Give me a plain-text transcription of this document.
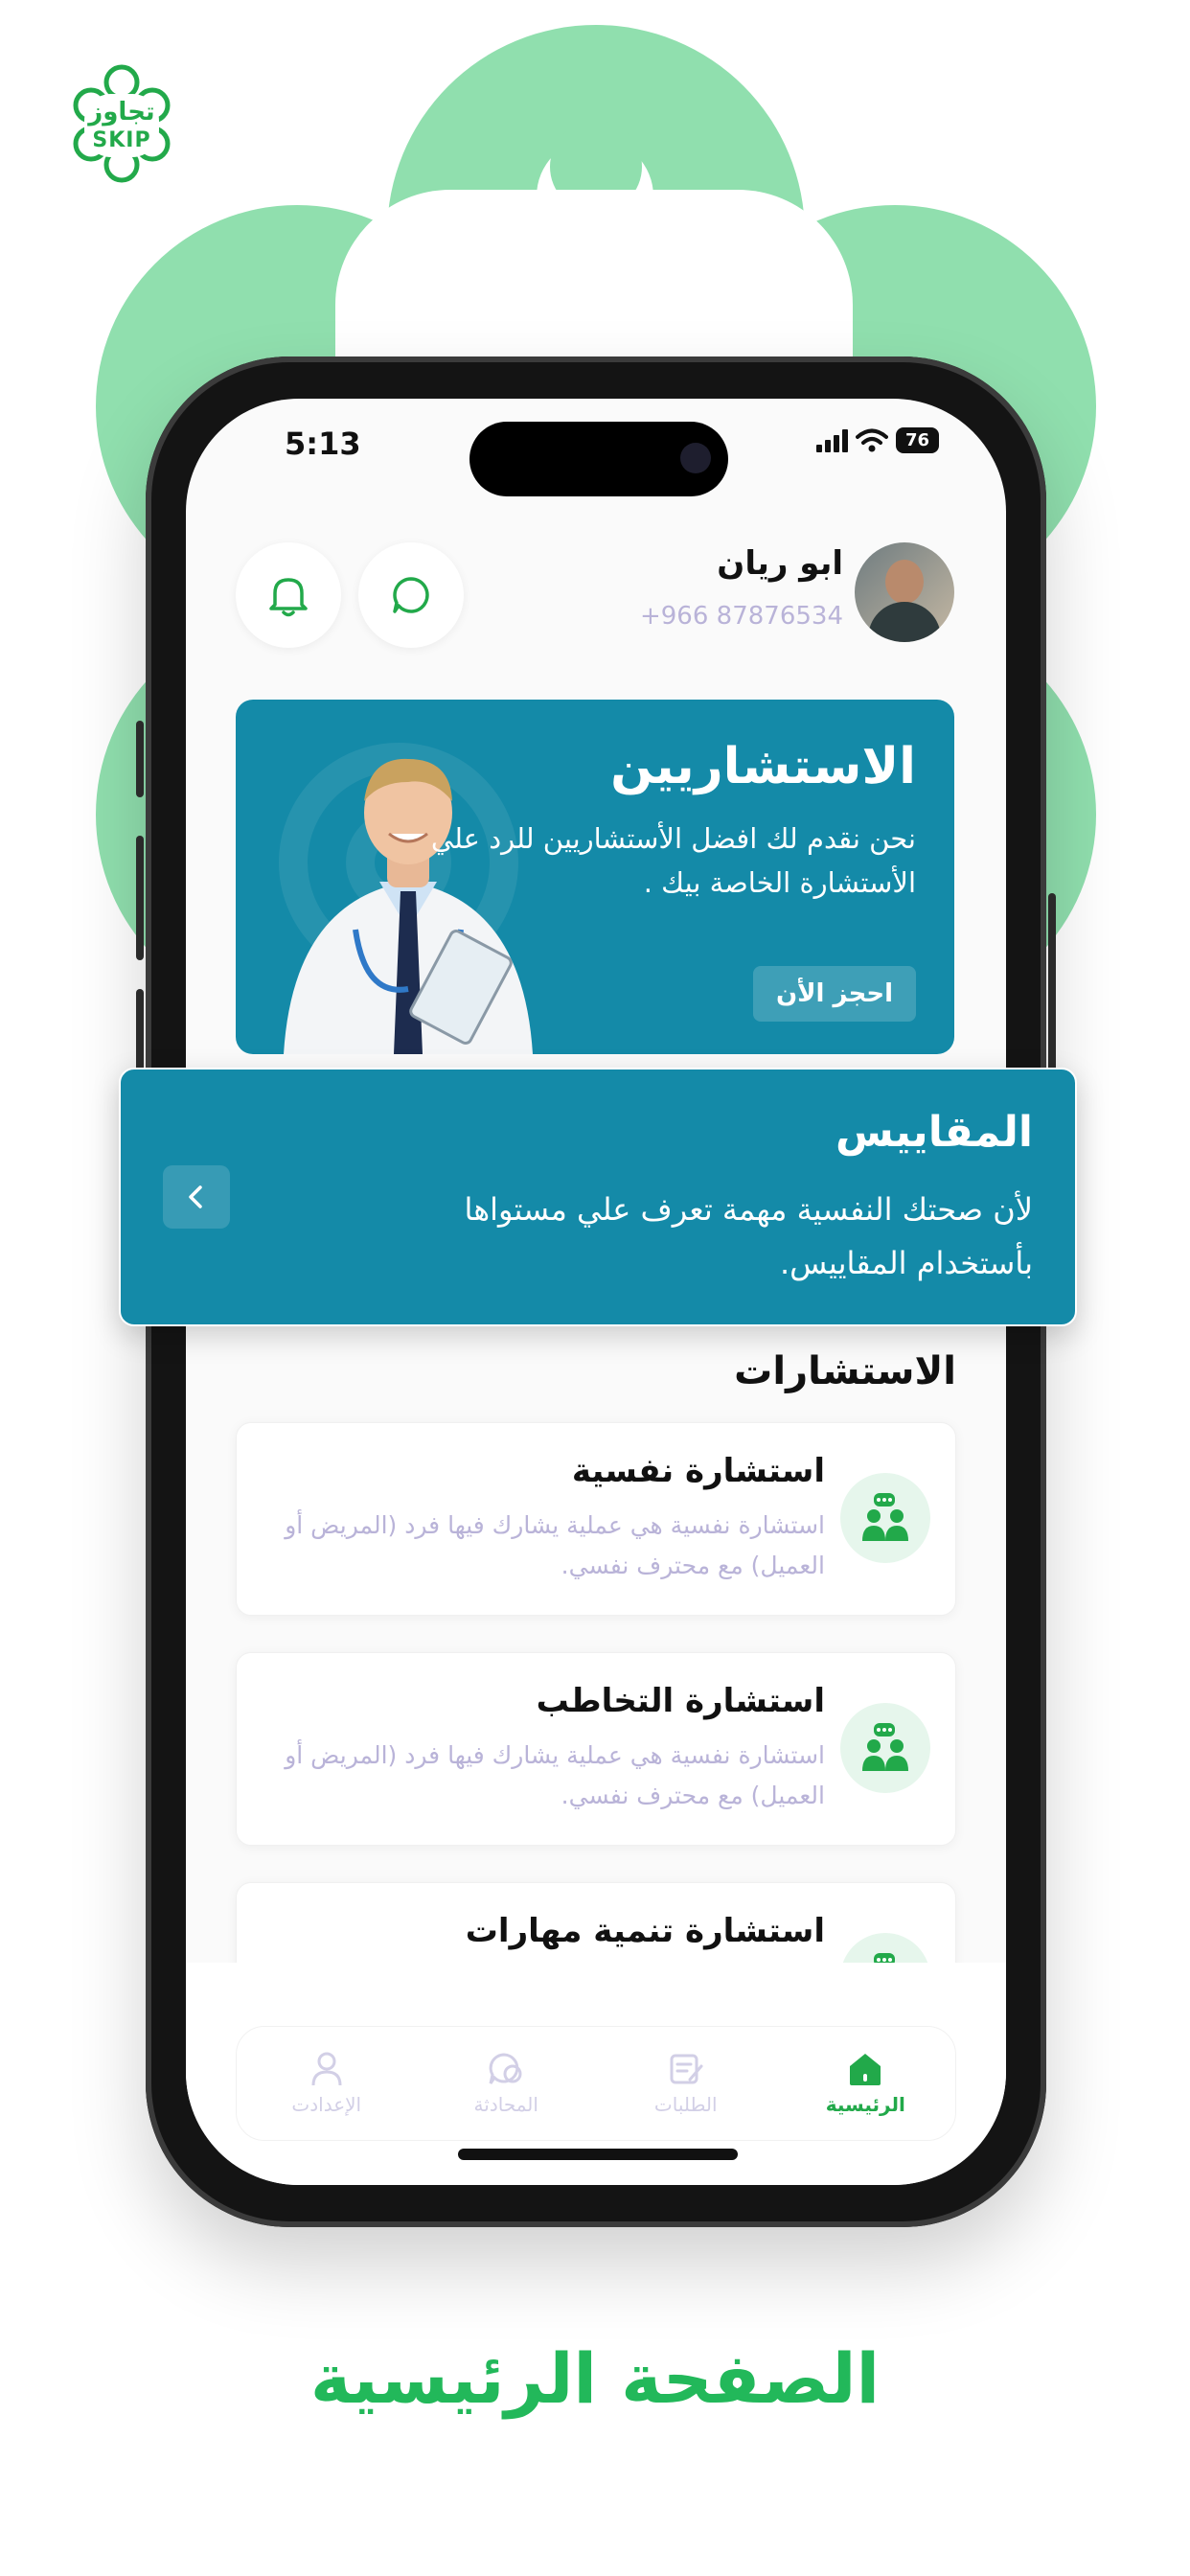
تجاوز
SKIP
5:13	76
ابو ريان
+966 87876534
الاستشاريين
نحن نقدم لك افضل الأستشاريين للرد علي الأستشارة الخاصة بيك .
احجز الأن
الاستشارات
استشارة نفسية
استشارة نفسية هي عملية يشارك فيها فرد (المريض أو العميل) مع محترف نفسي.
استشارة التخاطب
استشارة نفسية هي عملية يشارك فيها فرد (المريض أو العميل) مع محترف نفسي.
استشارة تنمية مهارات
الرئيسية
الطلبات
المحادثة
الإعدادت
المقاييس
لأن صحتك النفسية مهمة تعرف علي مستواها بأستخدام المقاييس.
الصفحة الرئيسية
